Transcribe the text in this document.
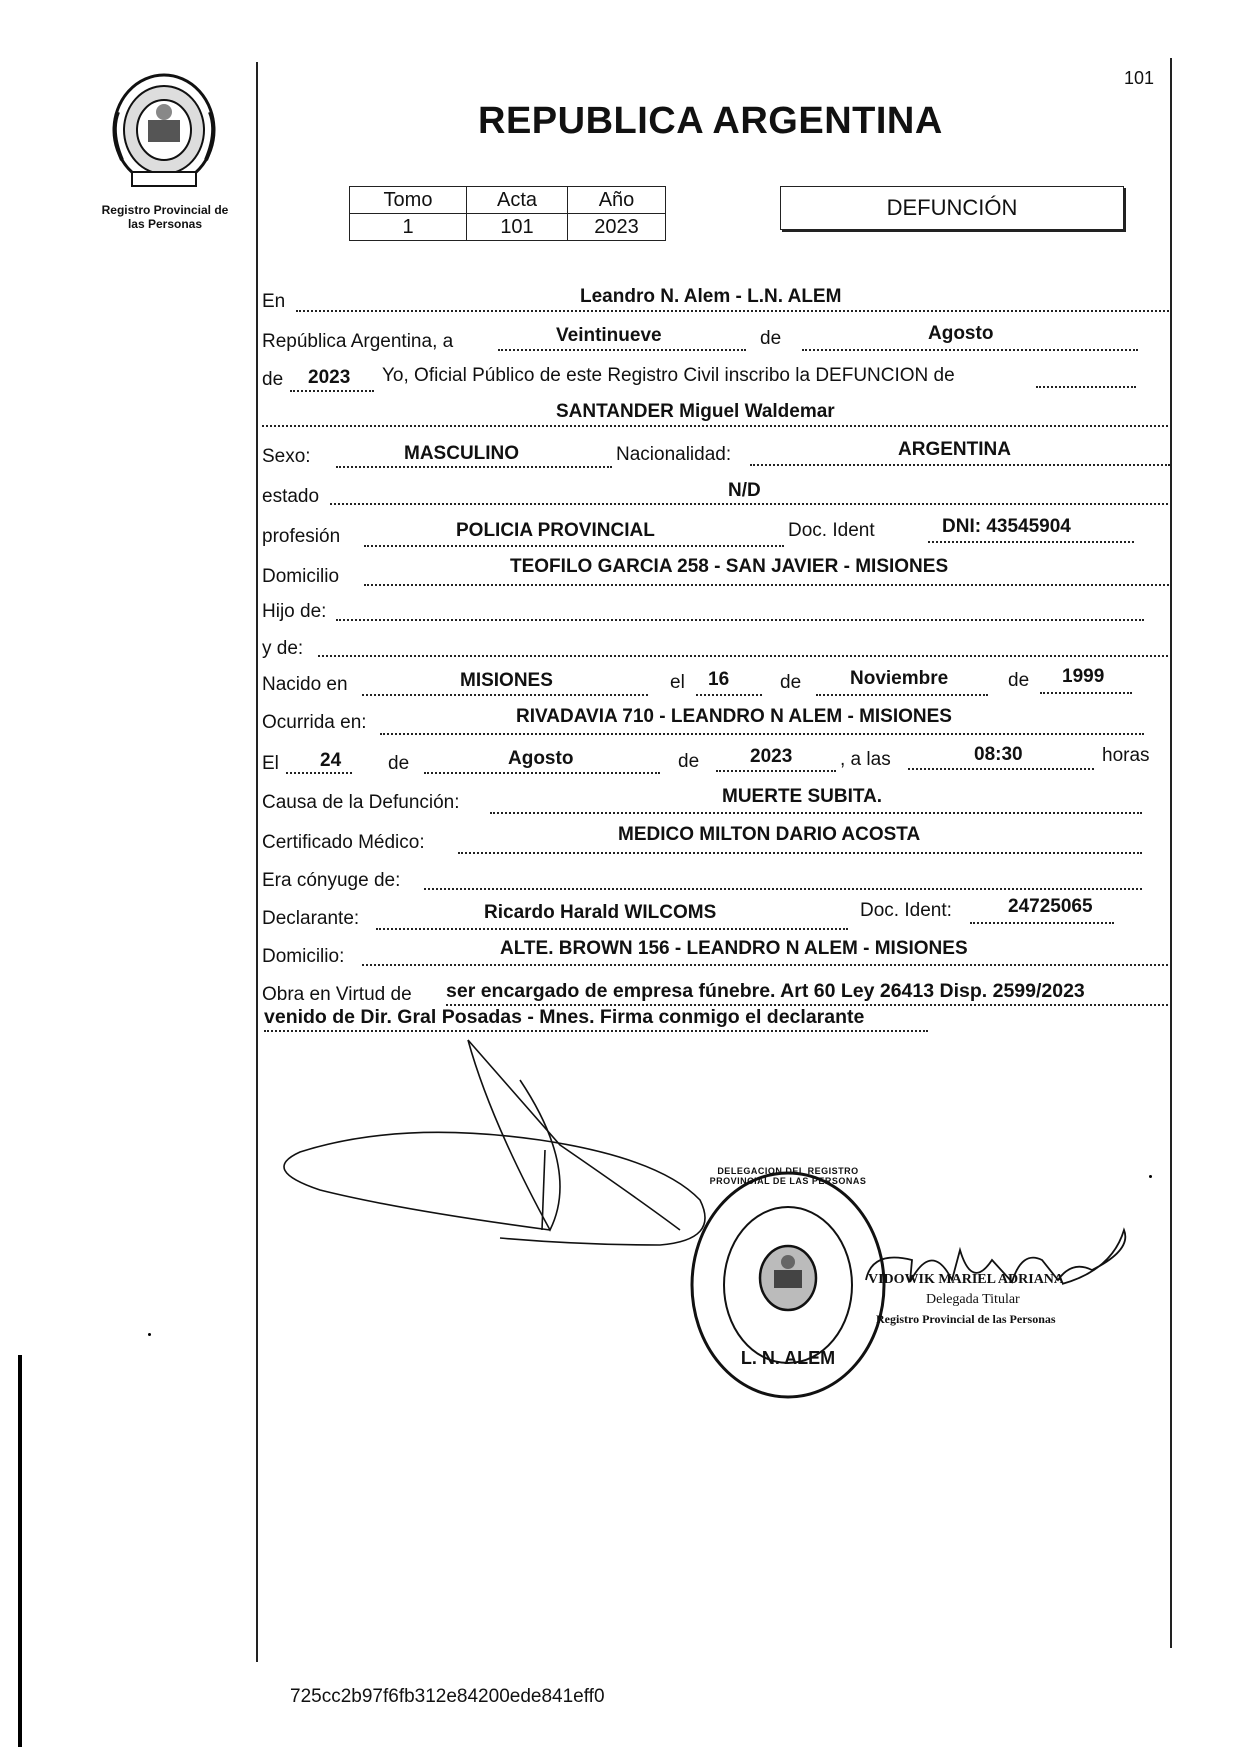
101
Registro Provincial de
las Personas
REPUBLICA ARGENTINA
Tomo	Acta	Año
1	101	2023
DEFUNCIÓN
En	Leandro N. Alem - L.N. ALEM
República Argentina, a	Veintinueve	de	Agosto
de 2023 Yo, Oficial Público de este Registro Civil inscribo la DEFUNCION de
SANTANDER Miguel Waldemar
Sexo:	MASCULINO	Nacionalidad:	ARGENTINA
estado	N/D
profesión	POLICIA PROVINCIAL	Doc. Ident	DNI: 43545904
Domicilio	TEOFILO GARCIA 258 - SAN JAVIER - MISIONES
Hijo de:
y de:
Nacido en	MISIONES	el 16	de	Noviembre	de 1999
Ocurrida en:	RIVADAVIA 710 - LEANDRO N ALEM - MISIONES
El 24 de	Agosto	de	2023	, a las	08:30	horas
Causa de la Defunción:	MUERTE SUBITA.
Certificado Médico:	MEDICO MILTON DARIO ACOSTA
Era cónyuge de:
Declarante:	Ricardo Harald WILCOMS	Doc. Ident:	24725065
Domicilio:	ALTE. BROWN 156 - LEANDRO N ALEM - MISIONES
Obra en Virtud de ser encargado de empresa fúnebre. Art 60 Ley 26413 Disp. 2599/2023
venido de Dir. Gral Posadas - Mnes. Firma conmigo el declarante
DELEGACION DEL REGISTRO PROVINCIAL DE LAS PERSONAS
L. N. ALEM
VIDOWIK MARIEL ADRIANA
Delegada Titular
Registro Provincial de las Personas
725cc2b97f6fb312e84200ede841eff0
